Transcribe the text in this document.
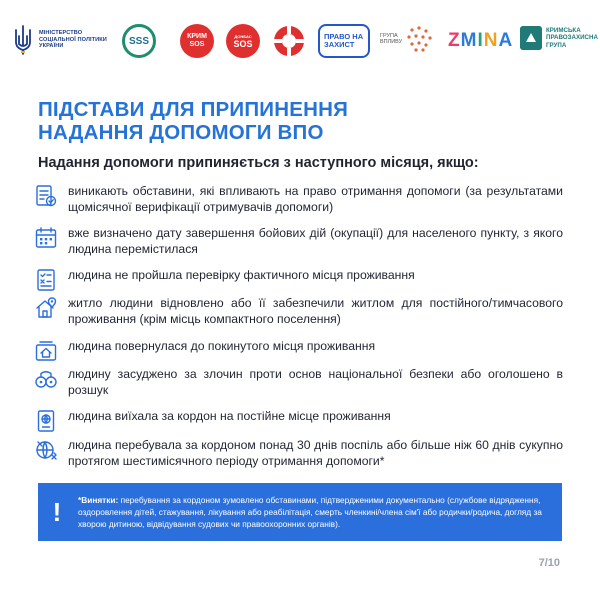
МІНІСТЕРСТВО
СОЦІАЛЬНОЇ ПОЛІТИКИ
УКРАЇНИ	SSS	КРИМ
SOS
ДОНБАС
SOS
ПРАВО НА
ЗАХИСТ
ГРУПА
ВПЛИВУ Z M I N A	КРИМСЬКА
ПРАВОЗАХИСНА
ГРУПА
ПІДСТАВИ ДЛЯ ПРИПИНЕННЯ
НАДАННЯ ДОПОМОГИ ВПО
Надання допомоги припиняється з наступного місяця, якщо:
виникають обставини, які впливають на право отримання допомоги (за результатами щомісячної верифікації отримувачів допомоги)
вже визначено дату завершення бойових дій (окупації) для населеного пункту, з якого людина перемістилася
людина не пройшла перевірку фактичного місця проживання
житло людини відновлено або її забезпечили житлом для постійного/тимчасового проживання (крім місць компактного поселення)
людина повернулася до покинутого місця проживання
людину засуджено за злочин проти основ національної безпеки або оголошено в розшук
людина виїхала за кордон на постійне місце проживання
людина перебувала за кордоном понад 30 днів поспіль або більше ніж 60 днів сукупно протягом шестимісячного періоду отримання допомоги*
!	*Винятки: перебування за кордоном зумовлено обставинами, підтвердженими документально (службове відрядження, оздоровлення дітей, стажування, лікування або реабілітація, смерть членкині/члена сім'ї або родички/родича, догляд за хворою дитиною, відвідування судових чи правоохоронних органів).
7/10
